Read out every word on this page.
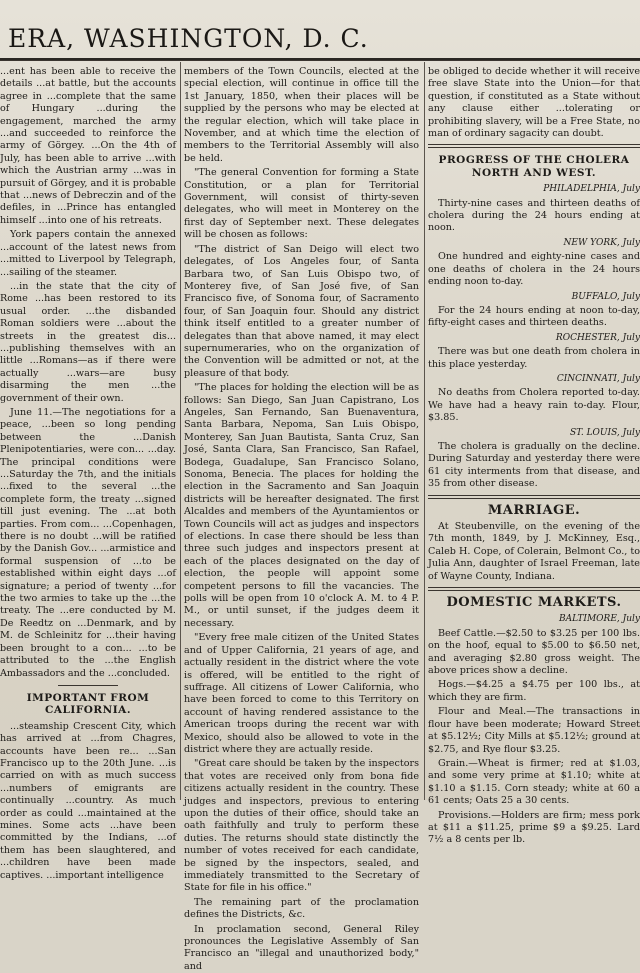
ERA, WASHINGTON, D. C.

...ent has been able to receive the details ...at battle, but the accounts agree in ...complete that the same of Hungary ...during the engagement, marched the army ...and succeeded to reinforce the army of Görgey. ...On the 4th of July, has been able to arrive ...with which the Austrian army ...was in pursuit of Görgey, and it is probable that ...news of Debreczin and of the defiles, in ...Prince has entangled himself ...into one of his retreats.

York papers contain the annexed ...account of the latest news from ...mitted to Liverpool by Telegraph, ...sailing of the steamer.

...in the state that the city of Rome ...has been restored to its usual order. ...the disbanded Roman soldiers were ...about the streets in the greatest dis... ...publishing themselves with an little ...Romans—as if there were actually ...wars—are busy disarming the men ...the government of their own.

June 11.—The negotiations for a peace, ...been so long pending between the ...Danish Plenipotentiaries, were con... ...day. The principal conditions were ...Saturday the 7th, and the initials ...fixed to the several ...the complete form, the treaty ...signed till just evening. The ...at both parties. From com... ...Copenhagen, there is no doubt ...will be ratified by the Danish Gov... ...armistice and formal suspension of ...to be established within eight days ...of signature; a period of twenty ...for the two armies to take up the ...the treaty. The ...ere conducted by M. De Reedtz on ...Denmark, and by M. de Schleinitz for ...their having been brought to a con... ...to be attributed to the ...the English Ambassadors and the ...concluded.

IMPORTANT FROM CALIFORNIA.

...steamship Crescent City, which has arrived at ...from Chagres, accounts have been re... ...San Francisco up to the 20th June. ...is carried on with as much success ...numbers of emigrants are continually ...country. As much order as could ...maintained at the mines. Some acts ...have been committed by the Indians, ...of them has been slaughtered, and ...children have been made captives. ...important intelligence

members of the Town Councils, elected at the special election, will continue in office till the 1st January, 1850, when their places will be supplied by the persons who may be elected at the regular election, which will take place in November, and at which time the election of members to the Territorial Assembly will also be held.

"The general Convention for forming a State Constitution, or a plan for Territorial Government, will consist of thirty-seven delegates, who will meet in Monterey on the first day of September next. These delegates will be chosen as follows:

"The district of San Deigo will elect two delegates, of Los Angeles four, of Santa Barbara two, of San Luis Obispo two, of Monterey five, of San José five, of San Francisco five, of Sonoma four, of Sacramento four, of San Joaquin four. Should any district think itself entitled to a greater number of delegates than that above named, it may elect supernumeraries, who on the organization of the Convention will be admitted or not, at the pleasure of that body.

"The places for holding the election will be as follows: San Diego, San Juan Capistrano, Los Angeles, San Fernando, San Buenaventura, Santa Barbara, Nepoma, San Luis Obispo, Monterey, San Juan Bautista, Santa Cruz, San José, Santa Clara, San Francisco, San Rafael, Bodega, Guadalupe, San Francisco Solano, Sonoma, Benecia. The places for holding the election in the Sacramento and San Joaquin districts will be hereafter designated. The first Alcaldes and members of the Ayuntamientos or Town Councils will act as judges and inspectors of elections. In case there should be less than three such judges and inspectors present at each of the places designated on the day of election, the people will appoint some competent persons to fill the vacancies. The polls will be open from 10 o'clock A. M. to 4 P. M., or until sunset, if the judges deem it necessary.

"Every free male citizen of the United States and of Upper California, 21 years of age, and actually resident in the district where the vote is offered, will be entitled to the right of suffrage. All citizens of Lower California, who have been forced to come to this Territory on account of having rendered assistance to the American troops during the recent war with Mexico, should also be allowed to vote in the district where they are actually reside.

"Great care should be taken by the inspectors that votes are received only from bona fide citizens actually resident in the country. These judges and inspectors, previous to entering upon the duties of their office, should take an oath faithfully and truly to perform these duties. The returns should state distinctly the number of votes received for each candidate, be signed by the inspectors, sealed, and immediately transmitted to the Secretary of State for file in his office."

The remaining part of the proclamation defines the Districts, &c.

In proclamation second, General Riley pronounces the Legislative Assembly of San Francisco an "illegal and unauthorized body," and

be obliged to decide whether it will receive free slave State into the Union—for that question, if constituted as a State without any clause either ...tolerating or prohibiting slavery, will be a Free State, no man of ordinary sagacity can doubt.

PROGRESS OF THE CHOLERA NORTH AND WEST.

PHILADELPHIA, July

Thirty-nine cases and thirteen deaths of cholera during the 24 hours ending at noon.

NEW YORK, July

One hundred and eighty-nine cases and one deaths of cholera in the 24 hours ending noon to-day.

BUFFALO, July

For the 24 hours ending at noon to-day, fifty-eight cases and thirteen deaths.

ROCHESTER, July

There was but one death from cholera in this place yesterday.

CINCINNATI, July

No deaths from Cholera reported to-day. We have had a heavy rain to-day. Flour, $3.85.

ST. LOUIS, July

The cholera is gradually on the decline. During Saturday and yesterday there were 61 city interments from that disease, and 35 from other disease.

MARRIAGE.

At Steubenville, on the evening of the 7th month, 1849, by J. McKinney, Esq., Caleb H. Cope, of Colerain, Belmont Co., to Julia Ann, daughter of Israel Freeman, late of Wayne County, Indiana.

DOMESTIC MARKETS.

BALTIMORE, July

Beef Cattle.—$2.50 to $3.25 per 100 lbs. on the hoof, equal to $5.00 to $6.50 net, and averaging $2.80 gross weight. The above prices show a decline.

Hogs.—$4.25 a $4.75 per 100 lbs., at which they are firm.

Flour and Meal.—The transactions in flour have been moderate; Howard Street at $5.12½; City Mills at $5.12½; ground at $2.75, and Rye flour $3.25.

Grain.—Wheat is firmer; red at $1.03, and some very prime at $1.10; white at $1.10 a $1.15. Corn steady; white at 60 a 61 cents; Oats 25 a 30 cents.

Provisions.—Holders are firm; mess pork at $11 a $11.25, prime $9 a $9.25. Lard 7½ a 8 cents per lb.
